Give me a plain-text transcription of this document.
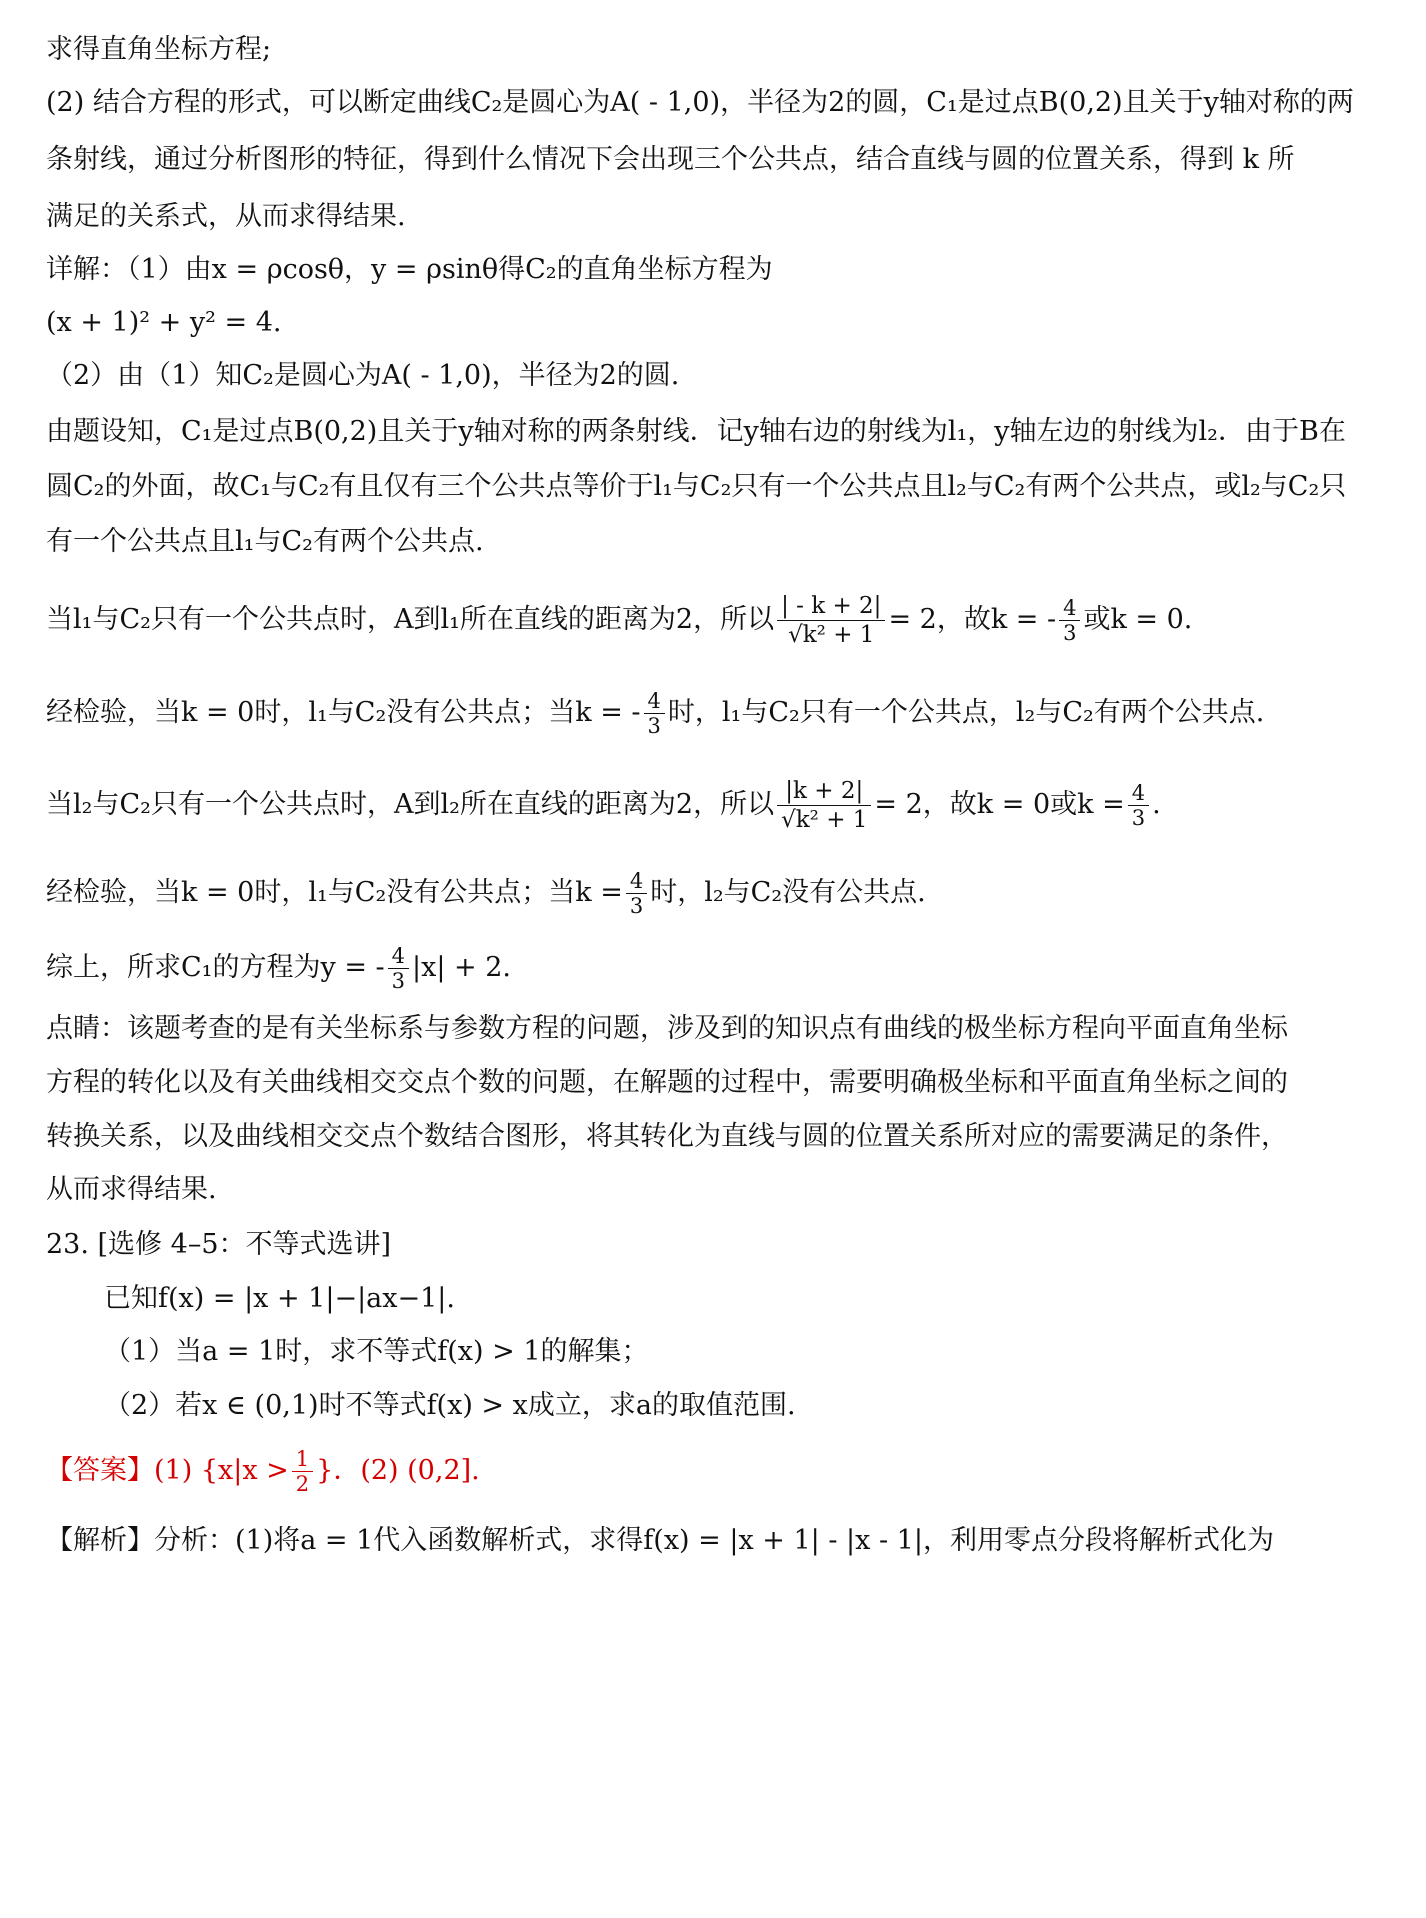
求得直角坐标方程;
(2) 结合方程的形式，可以断定曲线C₂是圆心为A( - 1,0)，半径为2的圆，C₁是过点B(0,2)且关于y轴对称的两
条射线，通过分析图形的特征，得到什么情况下会出现三个公共点，结合直线与圆的位置关系，得到 k 所
满足的关系式，从而求得结果.
详解：（1）由x = ρcosθ，y = ρsinθ得C₂的直角坐标方程为
(x + 1)² + y² = 4.
（2）由（1）知C₂是圆心为A( - 1,0)，半径为2的圆.
由题设知，C₁是过点B(0,2)且关于y轴对称的两条射线．记y轴右边的射线为l₁，y轴左边的射线为l₂．由于B在
圆C₂的外面，故C₁与C₂有且仅有三个公共点等价于l₁与C₂只有一个公共点且l₂与C₂有两个公共点，或l₂与C₂只
有一个公共点且l₁与C₂有两个公共点.
当l₁与C₂只有一个公共点时，A到l₁所在直线的距离为2，所以 $\frac{| - k + 2|}{\text{√k² + 1}} = 2$，故k = - $\frac{4}{3}$ 或k = 0.
经检验，当k = 0时，l₁与C₂没有公共点；当k = - $\frac{4}{3}$ 时，l₁与C₂只有一个公共点，l₂与C₂有两个公共点.
当l₂与C₂只有一个公共点时，A到l₂所在直线的距离为2，所以 $\frac{|k + 2|}{\text{√k² + 1}} = 2$，故k = 0或$k = \frac{4}{3}$ .
经检验，当k = 0时，l₁与C₂没有公共点；当$k = \frac{4}{3}$ 时，l₂与C₂没有公共点.
综上，所求C₁的方程为y = - $\frac{4}{3} |x| + 2$.
点睛：该题考查的是有关坐标系与参数方程的问题，涉及到的知识点有曲线的极坐标方程向平面直角坐标
方程的转化以及有关曲线相交交点个数的问题，在解题的过程中，需要明确极坐标和平面直角坐标之间的
转换关系，以及曲线相交交点个数结合图形，将其转化为直线与圆的位置关系所对应的需要满足的条件，
从而求得结果.
23. [选修 4–5：不等式选讲]
已知f(x) = |x + 1|−|ax−1|.
（1）当a = 1时，求不等式f(x) > 1的解集；
（2）若x ∈ (0,1)时不等式f(x) > x成立，求a的取值范围.
【答案】(1) {$x|x > \frac{1}{2}$ }．(2) (0,2].
【解析】分析：(1)将a = 1代入函数解析式，求得f(x) = |x + 1| - |x - 1|，利用零点分段将解析式化为
